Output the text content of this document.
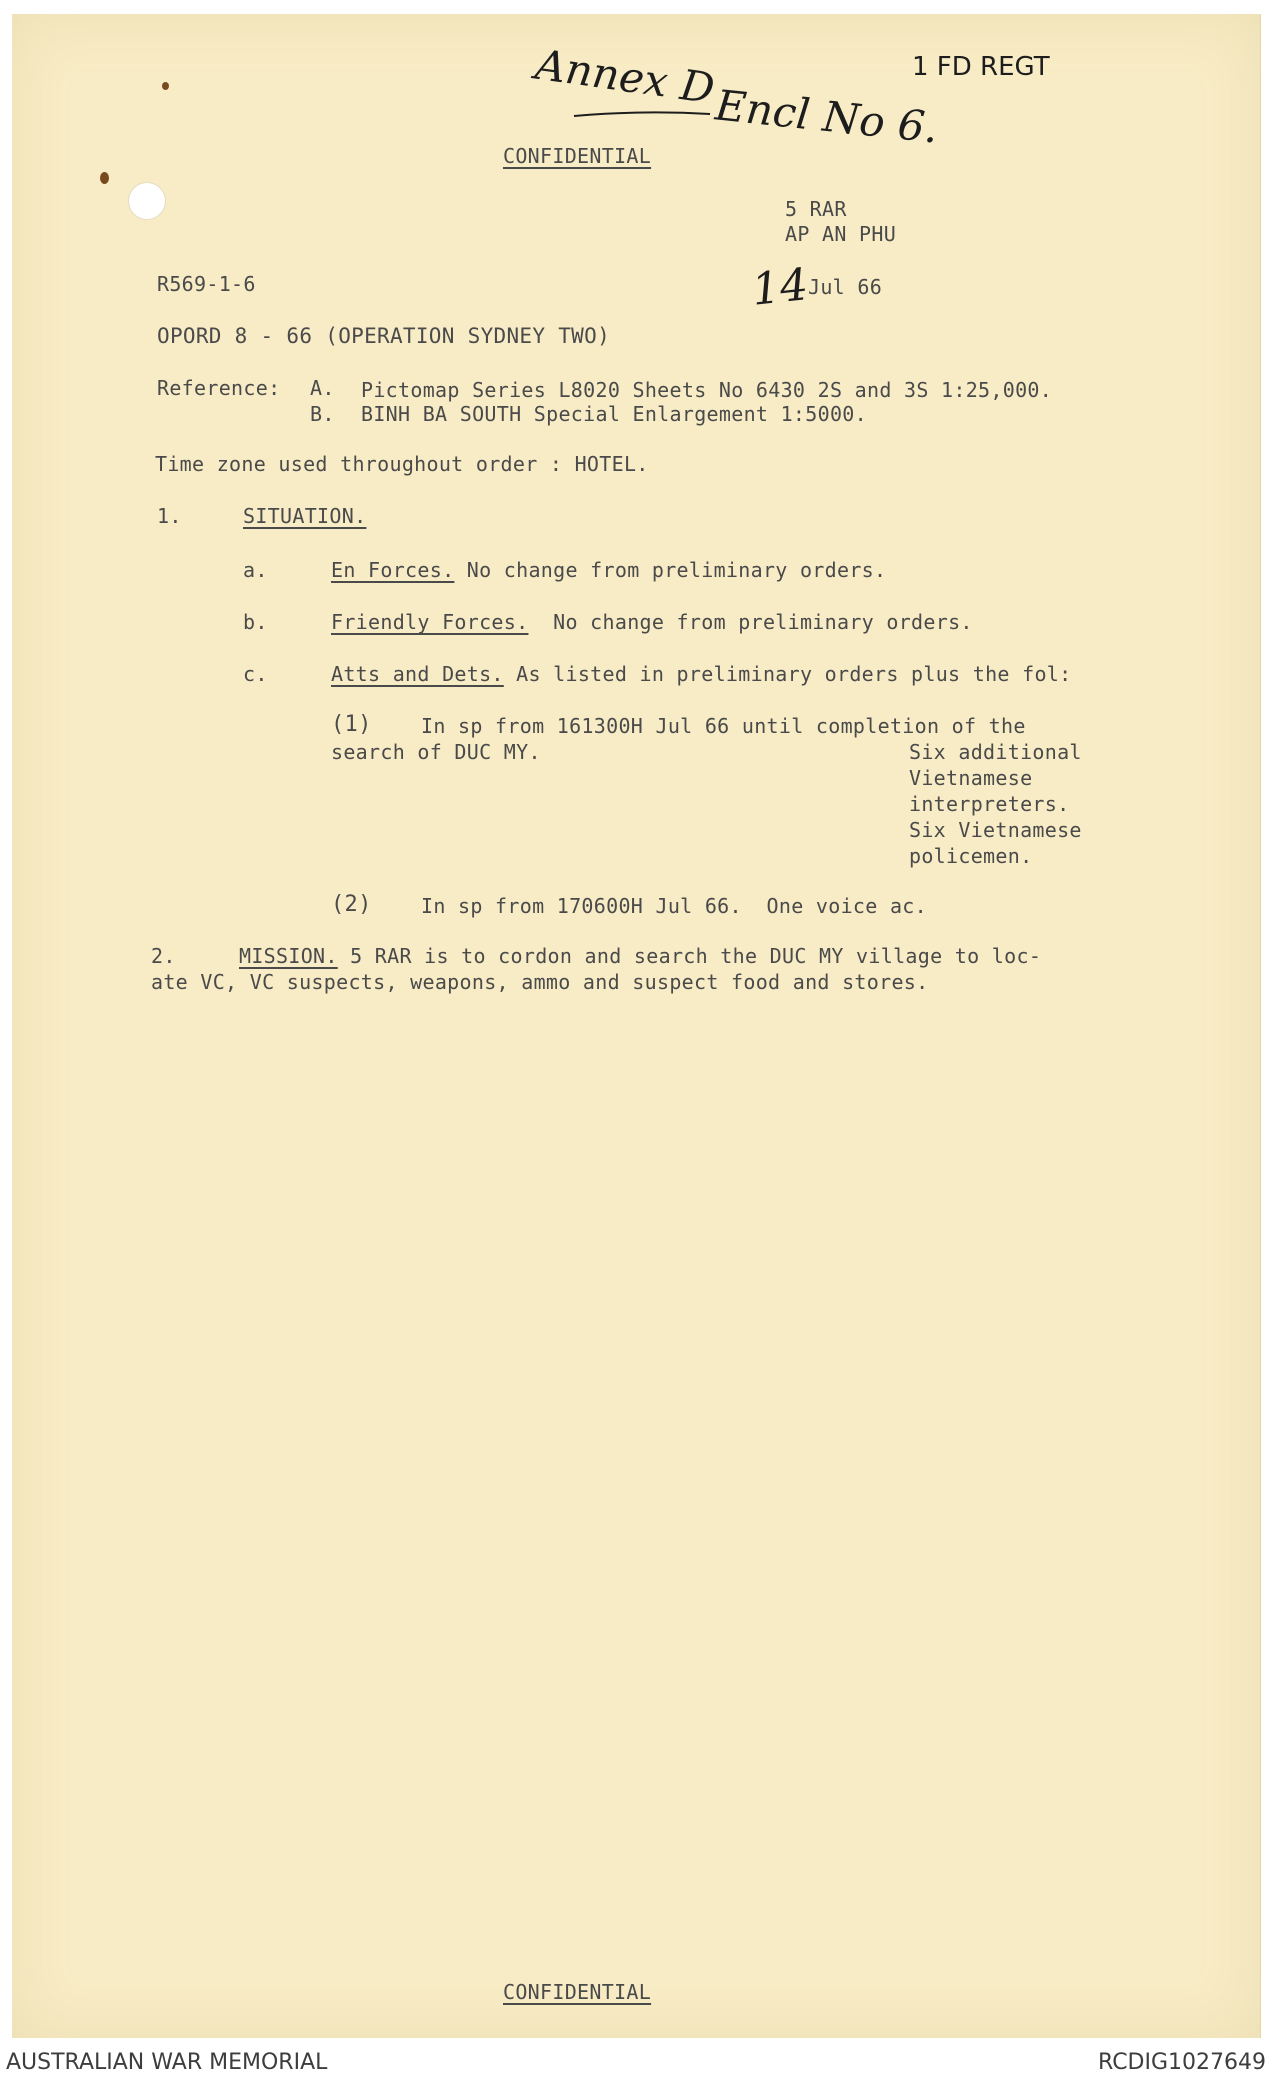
Annex D
Encl No 6.
1 FD REGT
14
CONFIDENTIAL
5 RAR
AP AN PHU
R569-1-6	Jul 66
OPORD 8 - 66 (OPERATION SYDNEY TWO)
Reference: A. Pictomap Series L8020 Sheets No 6430 2S and 3S 1:25,000.
B. BINH BA SOUTH Special Enlargement 1:5000.
Time zone used throughout order : HOTEL.
1.	SITUATION.
a.	En Forces. No change from preliminary orders.
b.	Friendly Forces.  No change from preliminary orders.
c.	Atts and Dets. As listed in preliminary orders plus the fol:
(1) In sp from 161300H Jul 66 until completion of the
search of DUC MY.	Six additional
Vietnamese
interpreters.
Six Vietnamese
policemen.
(2) In sp from 170600H Jul 66.  One voice ac.
2.	MISSION. 5 RAR is to cordon and search the DUC MY village to loc-
ate VC, VC suspects, weapons, ammo and suspect food and stores.
CONFIDENTIAL
AUSTRALIAN WAR MEMORIAL	RCDIG1027649
